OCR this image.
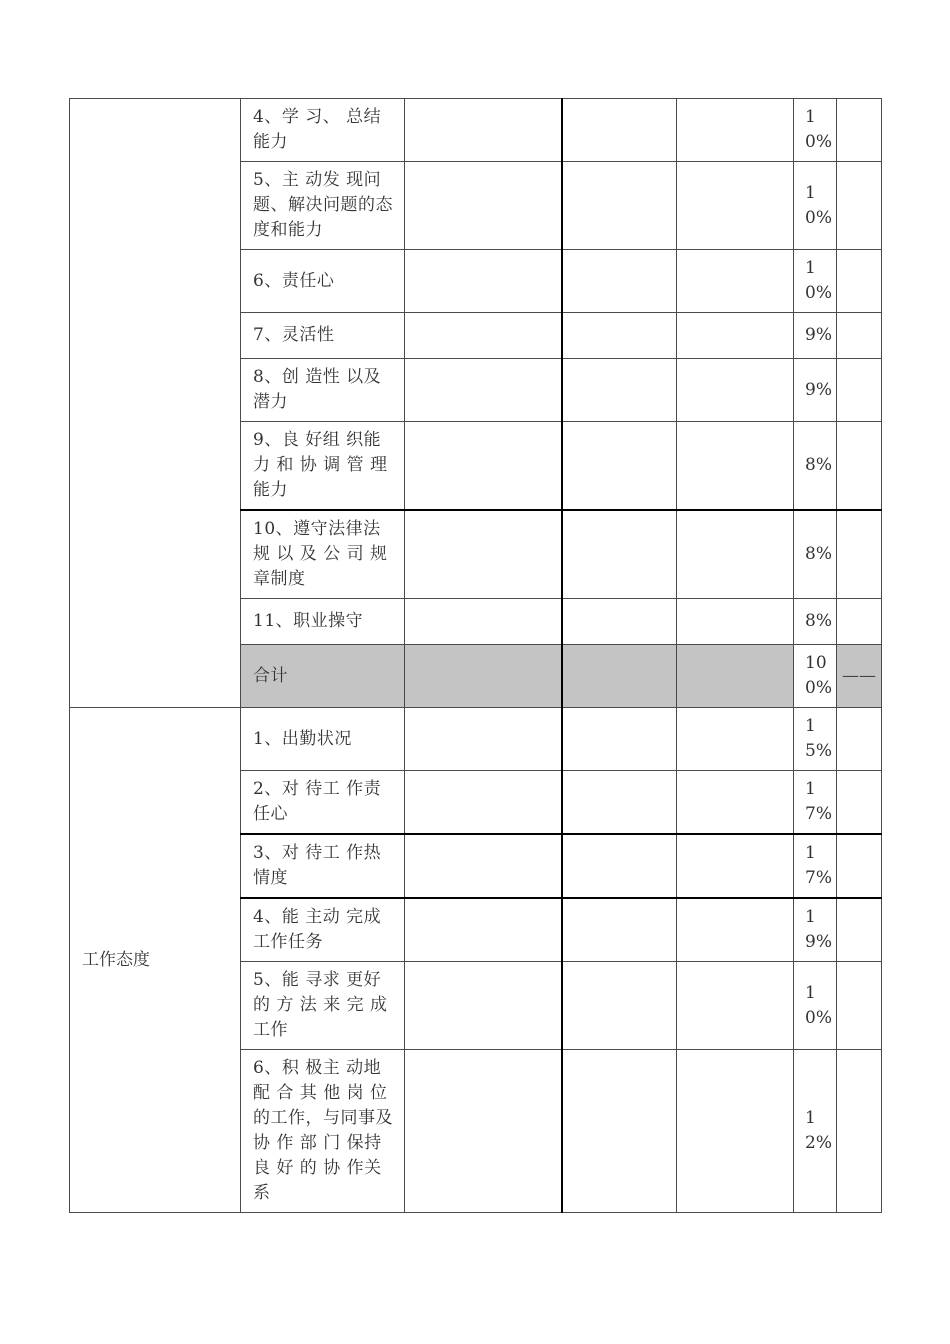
	4、学 习、 总结能力				10%	
	5、主 动发 现问题、解决问题的态度和能力				10%	
	6、责任心				10%	
	7、灵活性				9%	
	8、创 造性 以及潜力				9%	
	9、良 好组 织能力 和 协 调 管 理能力				8%	
	10、遵守法律法规 以 及 公 司 规章制度				8%	
	11、职业操守				8%	
	合计				100%	——
工作态度	1、出勤状况				15%	
	2、对 待工 作责任心				17%	
	3、对 待工 作热情度				17%	
	4、能 主动 完成工作任务				19%	
	5、能 寻求 更好的 方 法 来 完 成工作				10%	
	6、积 极主 动地配 合 其 他 岗 位的工作，与同事及 协 作 部 门 保持 良 好 的 协 作关系				12%	
